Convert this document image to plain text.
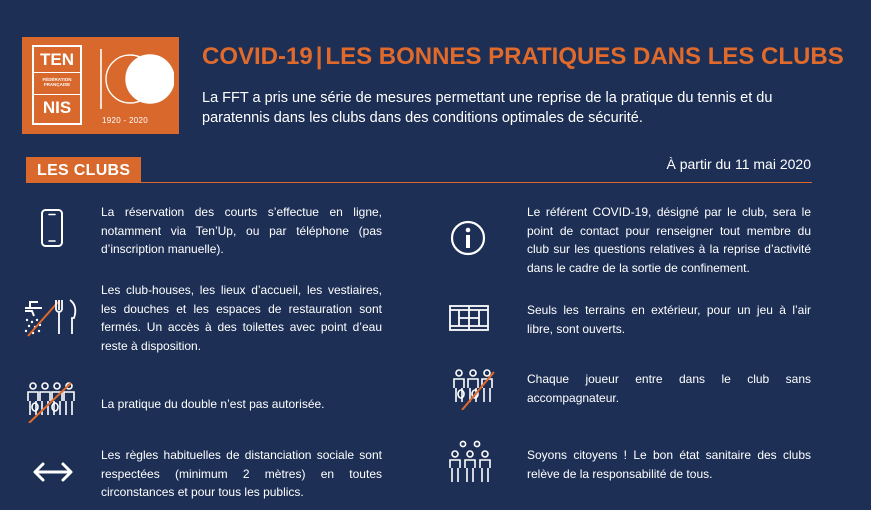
TEN
FÉDÉRATION FRANÇAISE
NIS
1920 - 2020
COVID-19 | LES BONNES PRATIQUES DANS LES CLUBS
La FFT a pris une série de mesures permettant une reprise de la pratique du tennis et du paratennis dans les clubs dans des conditions optimales de sécurité.
LES CLUBS	À partir du 11 mai 2020
La réservation des courts s’effectue en ligne, notamment via Ten’Up, ou par téléphone (pas d’inscription manuelle).
Les club-houses, les lieux d’accueil, les vestiaires, les douches et les espaces de restauration sont fermés. Un accès à des toilettes avec point d’eau reste à disposition.
La pratique du double n’est pas autorisée.
Les règles habituelles de distanciation sociale sont respectées (minimum 2 mètres) en toutes circonstances et pour tous les publics.
Le référent COVID-19, désigné par le club, sera le point de contact pour renseigner tout membre du club sur les questions relatives à la reprise d’activité dans le cadre de la sortie de confinement.
Seuls les terrains en extérieur, pour un jeu à l’air libre, sont ouverts.
Chaque joueur entre dans le club sans accompagnateur.
Soyons citoyens ! Le bon état sanitaire des clubs relève de la responsabilité de tous.
